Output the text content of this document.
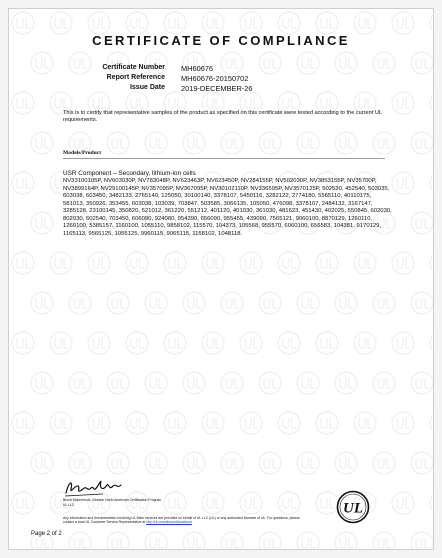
CERTIFICATE OF COMPLIANCE
Certificate Number MH60676
Report Reference MH60676-20150702
Issue Date 2019-DECEMBER-26
This is to certify that representative samples of the product as specified on this certificate were tested according to the current UL requirements.
Models/Product
USR Component – Secondary, lithium-ion cells
NV33100105P, NV603030P, NV783048P, NV623463P, NV623450P, NV284155P, NV502030P, NV3853155P, NV35700P, NV3899164P, NV29100145P, NV357095P, NV367095P, NV30102110P, NV336595P, NV3570125P, 502530, 452540, 503035, 603038, 603450, 3482133, 2765140, 125050, 30100140, 3378107, 5450116, 3282122, 2774180, 5565110, 40110175, 581013, 350926, 353455, 603038, 103039, 703847, 503585, 3066135, 105050, 476098, 3378107, 2484132, 3167147, 3285128, 23100145, 350820, 521012, 361220, 551212, 401120, 401030, 361030, 481623, 451430, 402025, 550845, 602030, 802030, 602540, 703450, 606090, 924080, 954390, 656090, 955455, 439090, 7565121, 9060100, 8870129, 1260110, 1260100, 5385157, 1160100, 1055110, 9858102, 115570, 104373, 105568, 955570, 6060100, 656583, 104381, 9170129, 1165113, 9565125, 1055125, 9960115, 9065115, 1158102, 1048118.
Bruce Mahrenholz, Director North American Certification Program
UL LLC
Any information and documentation involving UL Mark services are provided on behalf of UL LLC (UL) or any authorized licensee of UL. For questions, please
contact a local UL Customer Service Representative at http://ul.com/aboutul/locations/
UL
Page 2 of 2
